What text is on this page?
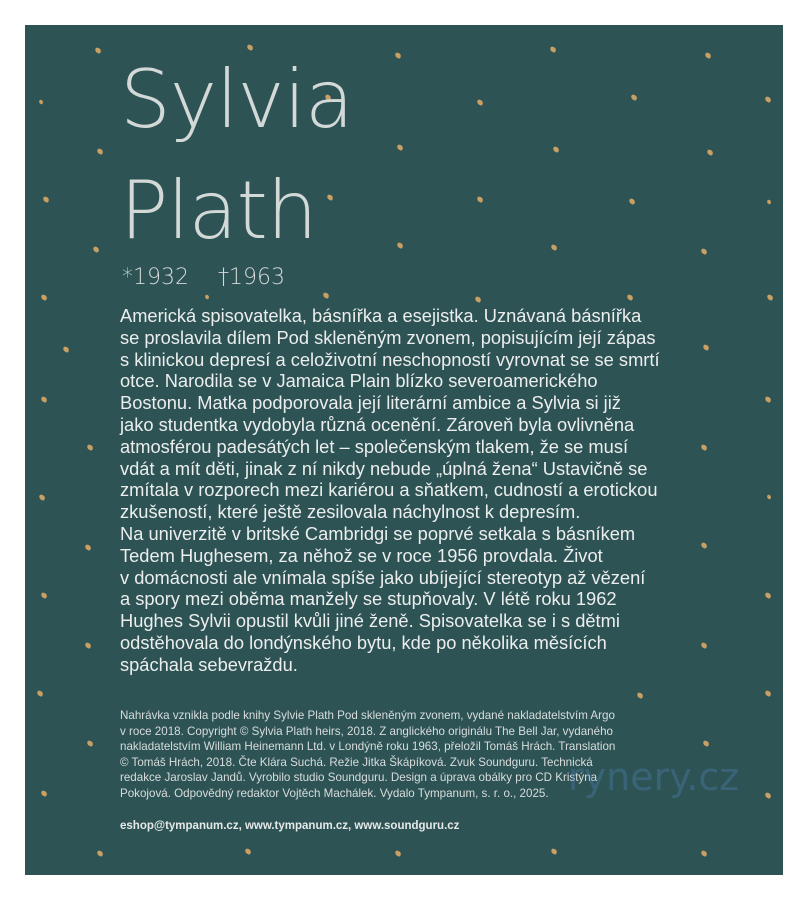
Sylvia
Plath
*1932 †1963
Americká spisovatelka, básnířka a esejistka. Uznávaná básnířka
se proslavila dílem Pod skleněným zvonem, popisujícím její zápas
s klinickou depresí a celoživotní neschopností vyrovnat se se smrtí
otce. Narodila se v Jamaica Plain blízko severoamerického
Bostonu. Matka podporovala její literární ambice a Sylvia si již
jako studentka vydobyla různá ocenění. Zároveň byla ovlivněna
atmosférou padesátých let – společenským tlakem, že se musí
vdát a mít děti, jinak z ní nikdy nebude „úplná žena“ Ustavičně se
zmítala v rozporech mezi kariérou a sňatkem, cudností a erotickou
zkušeností, které ještě zesilovala náchylnost k depresím.
Na univerzitě v britské Cambridgi se poprvé setkala s básníkem
Tedem Hughesem, za něhož se v roce 1956 provdala. Život
v domácnosti ale vnímala spíše jako ubíjející stereotyp až vězení
a spory mezi oběma manžely se stupňovaly. V létě roku 1962
Hughes Sylvii opustil kvůli jiné ženě. Spisovatelka se i s dětmi
odstěhovala do londýnského bytu, kde po několika měsících
spáchala sebevraždu.
Nahrávka vznikla podle knihy Sylvie Plath Pod skleněným zvonem, vydané nakladatelstvím Argo
v roce 2018. Copyright © Sylvia Plath heirs, 2018. Z anglického originálu The Bell Jar, vydaného
nakladatelstvím William Heinemann Ltd. v Londýně roku 1963, přeložil Tomáš Hrách. Translation
© Tomáš Hrách, 2018. Čte Klára Suchá. Režie Jitka Škápíková. Zvuk Soundguru. Technická
redakce Jaroslav Jandů. Vyrobilo studio Soundguru. Design a úprava obálky pro CD Kristýna
Pokojová. Odpovědný redaktor Vojtěch Machálek. Vydalo Tympanum, s. r. o., 2025. rynery.cz
eshop@tympanum.cz, www.tympanum.cz, www.soundguru.cz
